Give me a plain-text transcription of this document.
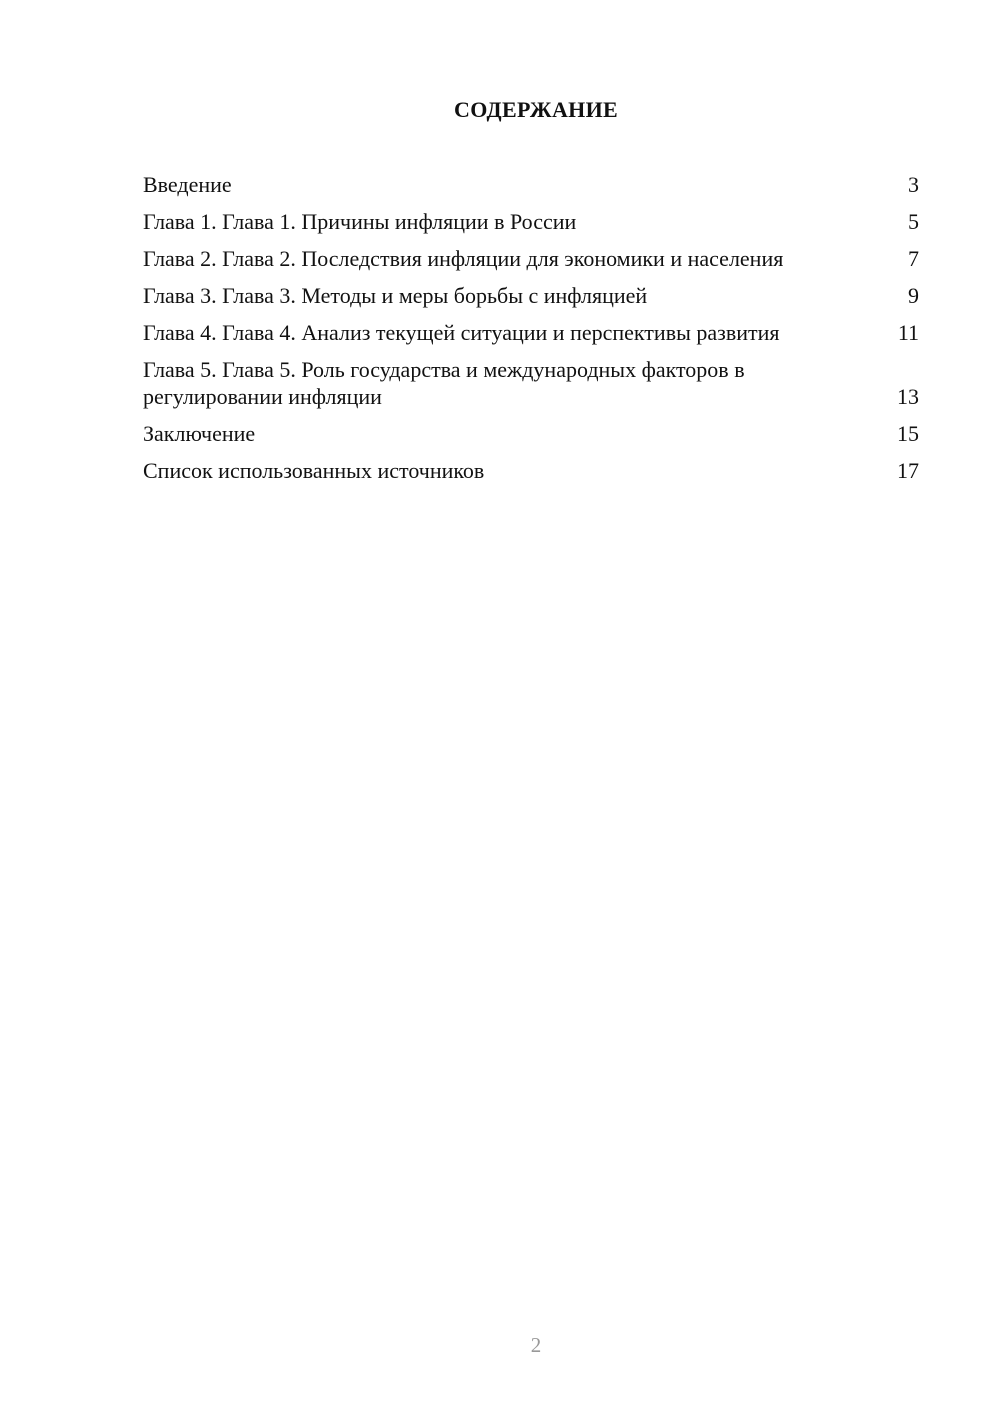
СОДЕРЖАНИЕ
Введение	3
Глава 1. Глава 1. Причины инфляции в России	5
Глава 2. Глава 2. Последствия инфляции для экономики и населения	7
Глава 3. Глава 3. Методы и меры борьбы с инфляцией	9
Глава 4. Глава 4. Анализ текущей ситуации и перспективы развития	11
Глава 5. Глава 5. Роль государства и международных факторов в регулировании инфляции	13
Заключение	15
Список использованных источников	17
2
